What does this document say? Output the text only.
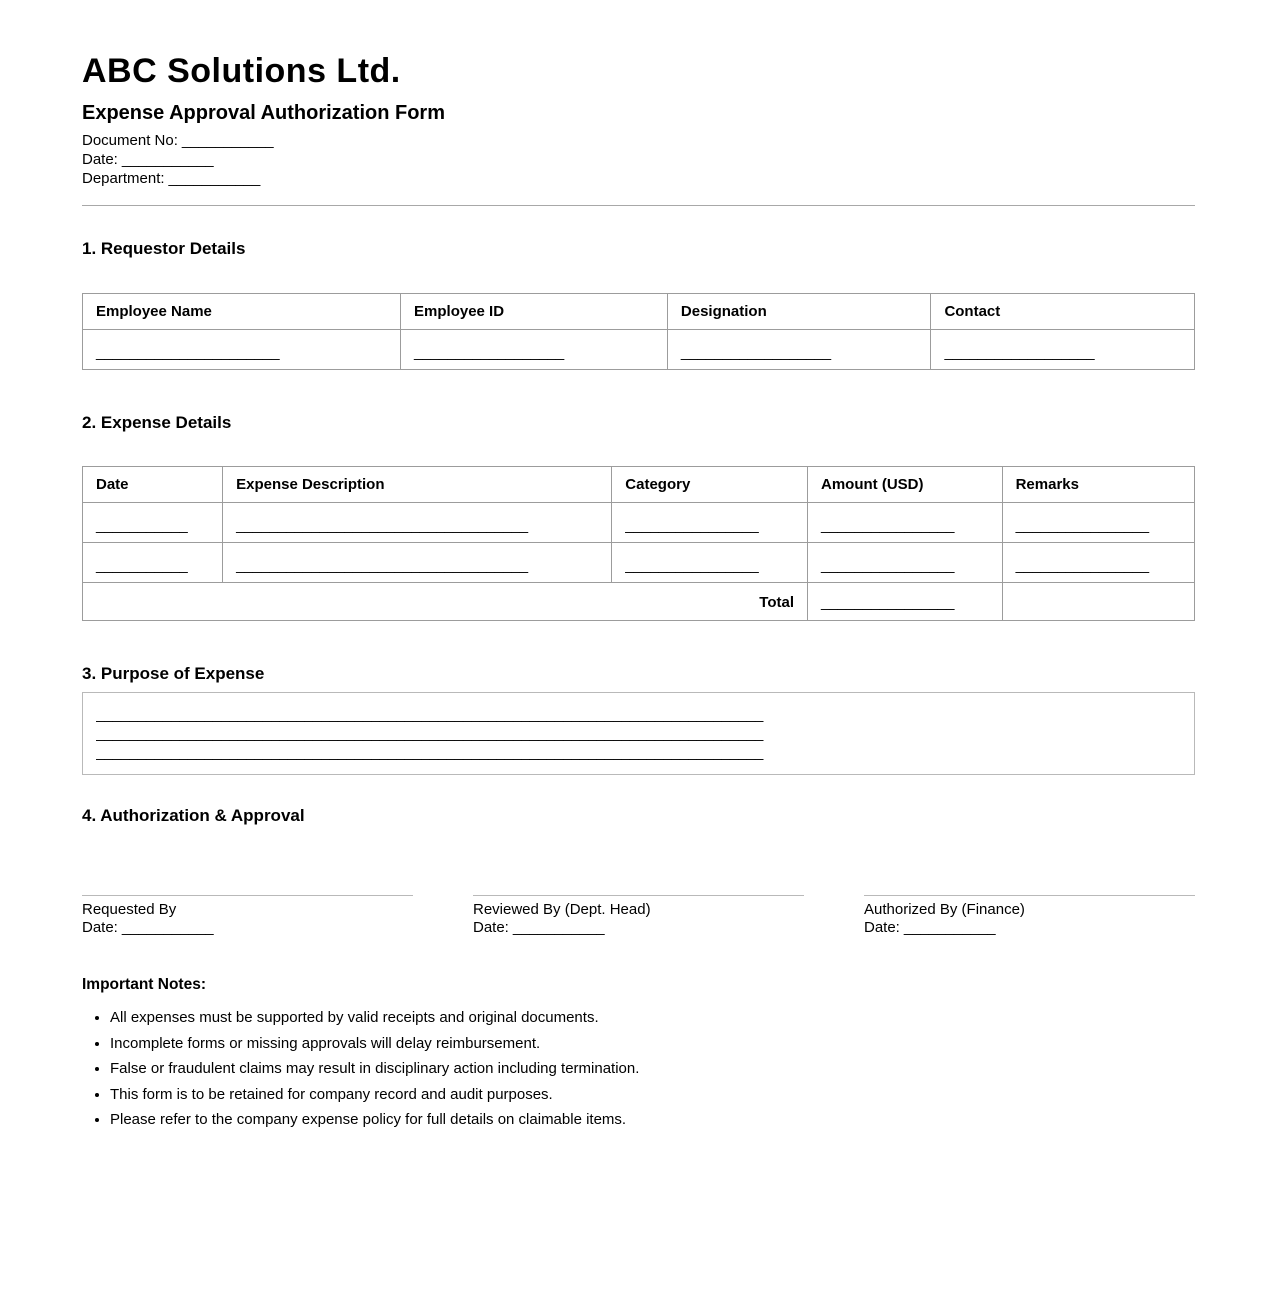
ABC Solutions Ltd.
Expense Approval Authorization Form
Document No: ___________
Date: ___________
Department: ___________
1. Requestor Details
Employee Name	Employee ID	Designation	Contact
______________________	__________________	__________________	__________________
2. Expense Details
Date	Expense Description	Category	Amount (USD)	Remarks
___________	___________________________________	________________	________________	________________
___________	___________________________________	________________	________________	________________
Total			________________	
3. Purpose of Expense
________________________________________________________________________________
________________________________________________________________________________
________________________________________________________________________________
4. Authorization & Approval
Requested By
Date: ___________
Reviewed By (Dept. Head)
Date: ___________
Authorized By (Finance)
Date: ___________
Important Notes:
• All expenses must be supported by valid receipts and original documents.
• Incomplete forms or missing approvals will delay reimbursement.
• False or fraudulent claims may result in disciplinary action including termination.
• This form is to be retained for company record and audit purposes.
• Please refer to the company expense policy for full details on claimable items.
